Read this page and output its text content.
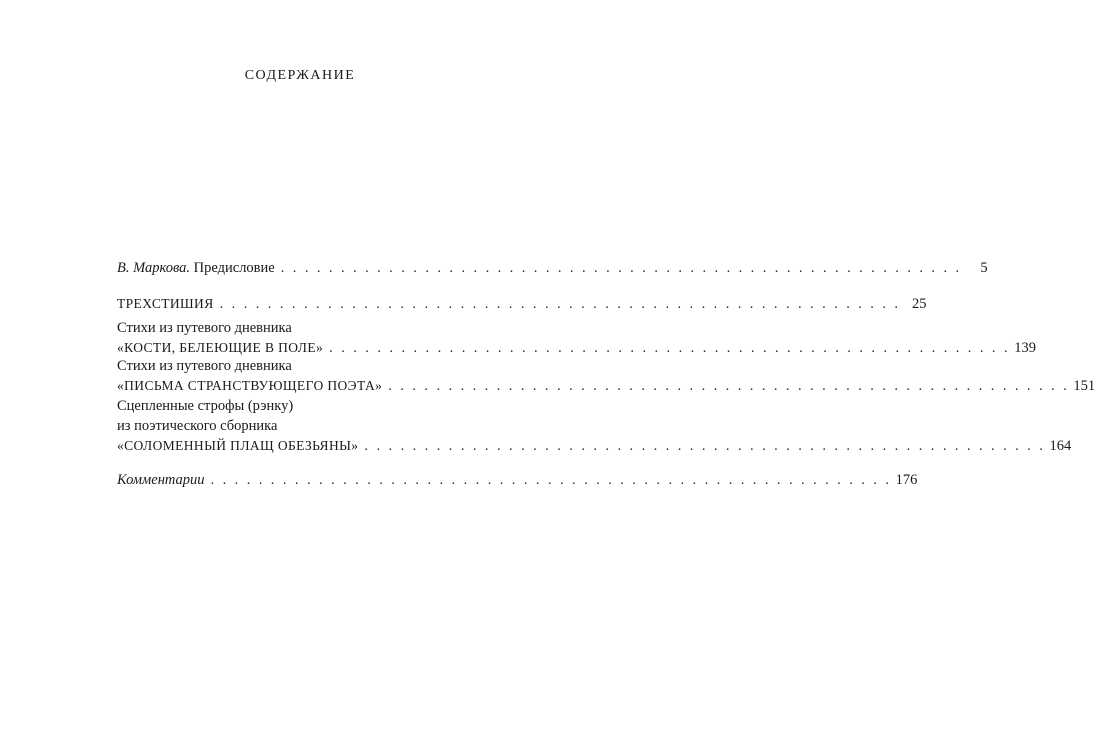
СОДЕРЖАНИЕ
В. Маркова.
Предисловие . . . . . . . . . . . . . . . . . . . . . . . . . . . . . . . . . . . . . . . . . . . . . . . . . . . . . . . . .	5
ТРЕХСТИШИЯ . . . . . . . . . . . . . . . . . . . . . . . . . . . . . . . . . . . . . . . . . . . . . . . . . . . . . . . . . 25
Стихи из путевого дневника
«КОСТИ, БЕЛЕЮЩИЕ В ПОЛЕ» . . . . . . . . . . . . . . . . . . . . . . . . . . . . . . . . . . . . . . . . . . . . . . . . . . . . . . . . . 139
Стихи из путевого дневника
«ПИСЬМА СТРАНСТВУЮЩЕГО ПОЭТА» . . . . . . . . . . . . . . . . . . . . . . . . . . . . . . . . . . . . . . . . . . . . . . . . . . . . . . . . . 151
Сцепленные строфы (рэнку)
из поэтического сборника
«СОЛОМЕННЫЙ ПЛАЩ ОБЕЗЬЯНЫ» . . . . . . . . . . . . . . . . . . . . . . . . . . . . . . . . . . . . . . . . . . . . . . . . . . . . . . . . . 164
Комментарии . . . . . . . . . . . . . . . . . . . . . . . . . . . . . . . . . . . . . . . . . . . . . . . . . . . . . . . . . 176
